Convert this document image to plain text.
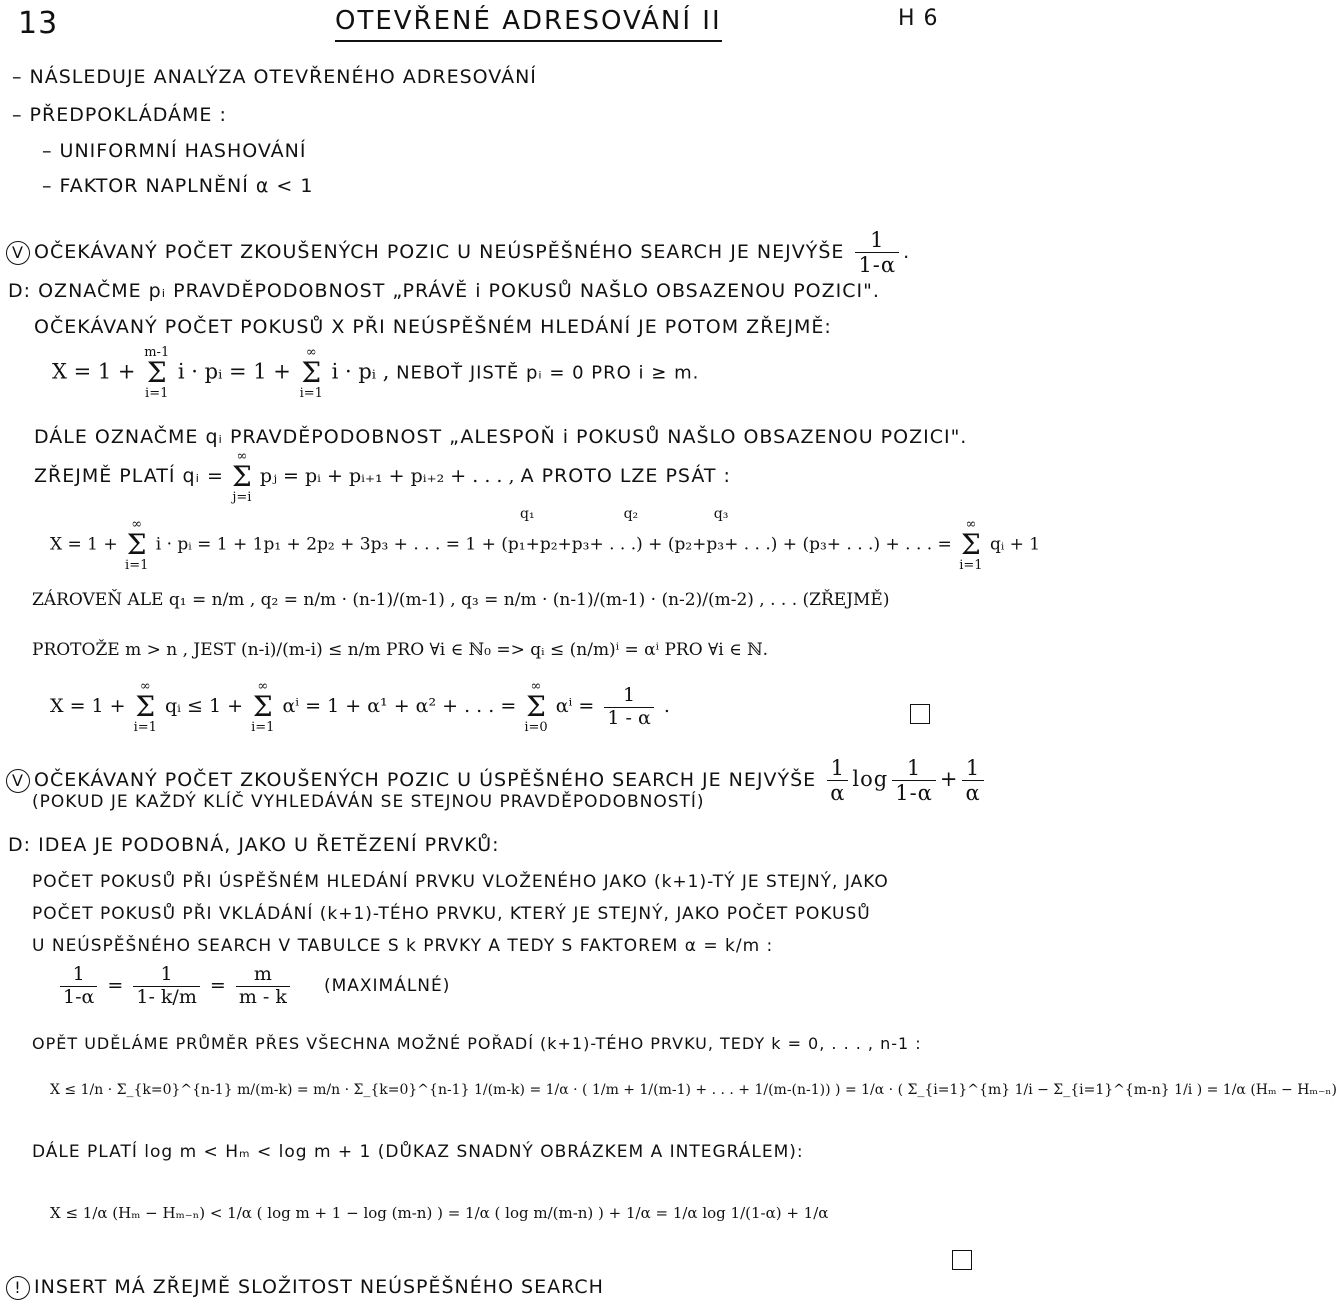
13	OTEVŘENÉ ADRESOVÁNÍ II	H 6
– NÁSLEDUJE ANALÝZA OTEVŘENÉHO ADRESOVÁNÍ
– PŘEDPOKLÁDÁME :
– UNIFORMNÍ HASHOVÁNÍ
– FAKTOR NAPLNĚNÍ α < 1
V OČEKÁVANÝ POČET ZKOUŠENÝCH POZIC U NEÚSPĚŠNÉHO SEARCH JE NEJVÝŠE $\frac{1}{1-\alpha}$ .
D: OZNAČME pᵢ PRAVDĚPODOBNOST „PRÁVĚ i POKUSŮ NAŠLO OBSAZENOU POZICI".
OČEKÁVANÝ POČET POKUSŮ X PŘI NEÚSPĚŠNÉM HLEDÁNÍ JE POTOM ZŘEJMĚ:
X = 1 + m-1
Σ
i=1 i · pᵢ = 1 + ∞
Σ
i=1 i · pᵢ , NEBOŤ JISTĚ pᵢ = 0 PRO i ≥ m.
DÁLE OZNAČME qᵢ PRAVDĚPODOBNOST „ALESPOŇ i POKUSŮ NAŠLO OBSAZENOU POZICI".
ZŘEJMĚ PLATÍ qᵢ = ∞
Σ
j=i pⱼ = pᵢ + pᵢ₊₁ + pᵢ₊₂ + . . . , A PROTO LZE PSÁT :
q₁                    q₂                 q₃
X = 1 + ∞
Σ
i=1 i · pᵢ = 1 + 1p₁ + 2p₂ + 3p₃ + . . . = 1 + (p₁+p₂+p₃+ . . .) + (p₂+p₃+ . . .) + (p₃+ . . .) + . . . = ∞
Σ
i=1 qᵢ + 1
ZÁROVEŇ ALE q₁ = n/m , q₂ = n/m · (n-1)/(m-1) , q₃ = n/m · (n-1)/(m-1) · (n-2)/(m-2) , . . . (ZŘEJMĚ)
PROTOŽE m > n , JEST (n-i)/(m-i) ≤ n/m PRO ∀i ∈ ℕ₀ => qᵢ ≤ (n/m)ⁱ = αⁱ PRO ∀i ∈ ℕ.
X = 1 + ∞
Σ
i=1 qᵢ ≤ 1 + ∞
Σ
i=1 αⁱ = 1 + α¹ + α² + . . . = ∞
Σ
i=0 $\alpha^i = \frac{1}{1 - \alpha}$ .
V OČEKÁVANÝ POČET ZKOUŠENÝCH POZIC U ÚSPĚŠNÉHO SEARCH JE NEJVÝŠE $\frac{1}{\alpha}$ $\log \frac{1}{1-\alpha} + \frac{1}{\alpha}$
(POKUD JE KAŽDÝ KLÍČ VYHLEDÁVÁN SE STEJNOU PRAVDĚPODOBNOSTÍ)
D: IDEA JE PODOBNÁ, JAKO U ŘETĚZENÍ PRVKŮ:
POČET POKUSŮ PŘI ÚSPĚŠNÉM HLEDÁNÍ PRVKU VLOŽENÉHO JAKO (k+1)-TÝ JE STEJNÝ, JAKO
POČET POKUSŮ PŘI VKLÁDÁNÍ (k+1)-TÉHO PRVKU, KTERÝ JE STEJNÝ, JAKO POČET POKUSŮ
U NEÚSPĚŠNÉHO SEARCH V TABULCE S k PRVKY A TEDY S FAKTOREM α = k/m :
$\frac{1}{1-\alpha} = \frac{1}{1- k/m} = \frac{m}{m - k}$ (MAXIMÁLNÉ)
OPĚT UDĚLÁME PRŮMĚR PŘES VŠECHNA MOŽNÉ POŘADÍ (k+1)-TÉHO PRVKU, TEDY k = 0, . . . , n-1 :
X ≤ 1/n · Σ_{k=0}^{n-1} m/(m-k) = m/n · Σ_{k=0}^{n-1} 1/(m-k) = 1/α · ( 1/m + 1/(m-1) + . . . + 1/(m-(n-1)) ) = 1/α · ( Σ_{i=1}^{m} 1/i − Σ_{i=1}^{m-n} 1/i ) = 1/α (Hₘ − Hₘ₋ₙ)
DÁLE PLATÍ log m < Hₘ < log m + 1 (DŮKAZ SNADNÝ OBRÁZKEM A INTEGRÁLEM):
X ≤ 1/α (Hₘ − Hₘ₋ₙ) < 1/α ( log m + 1 − log (m-n) ) = 1/α ( log m/(m-n) ) + 1/α = 1/α log 1/(1-α) + 1/α
! INSERT MÁ ZŘEJMĚ SLOŽITOST NEÚSPĚŠNÉHO SEARCH
